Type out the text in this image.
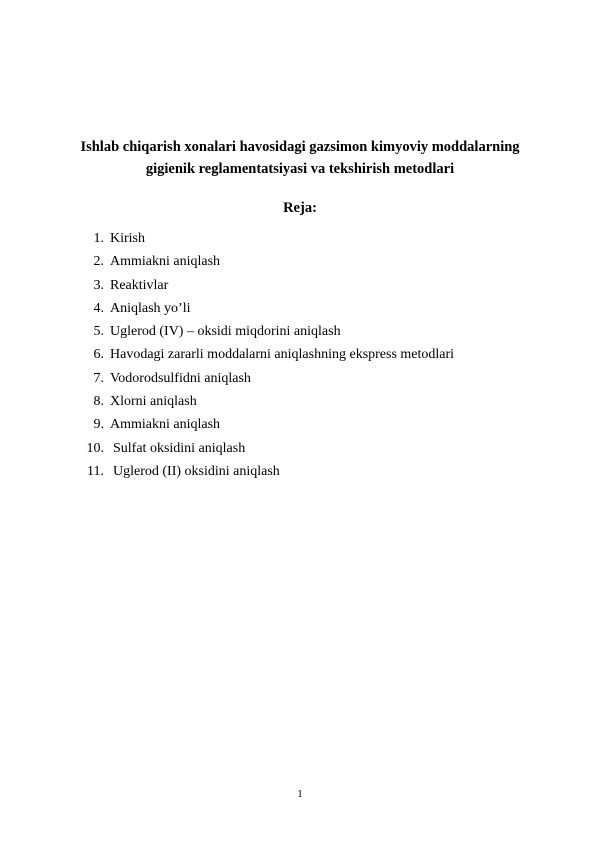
Ishlab chiqarish xonalari havosidagi gazsimon kimyoviy moddalarning
gigienik reglamentatsiyasi va tekshirish metodlari
Reja:
1. Kirish
2. Ammiakni aniqlash
3. Reaktivlar
4. Aniqlash yo’li
5. Uglerod (IV) – oksidi miqdorini aniqlash
6. Havodagi zararli moddalarni aniqlashning ekspress metodlari
7. Vodorodsulfidni aniqlash
8. Xlorni aniqlash
9. Ammiakni aniqlash
10. Sulfat oksidini aniqlash
11. Uglerod (II) oksidini aniqlash
1
